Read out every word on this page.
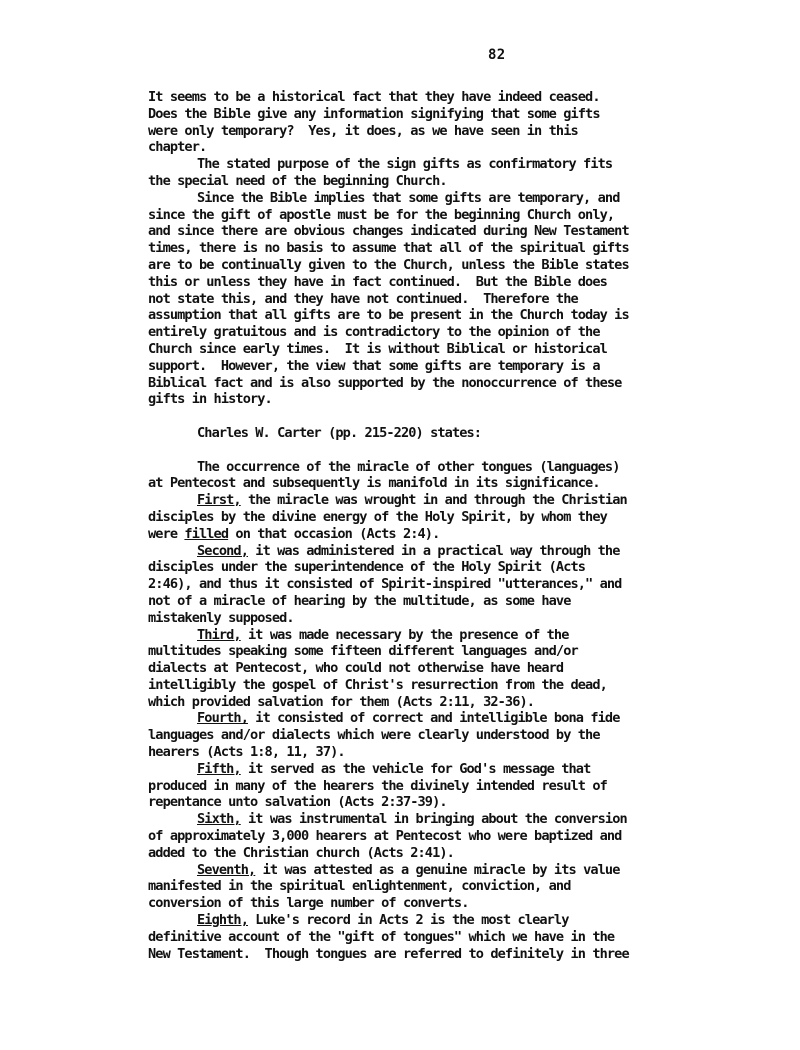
82
It seems to be a historical fact that they have indeed ceased.
Does the Bible give any information signifying that some gifts
were only temporary?  Yes, it does, as we have seen in this
chapter.
The stated purpose of the sign gifts as confirmatory fits
the special need of the beginning Church.
Since the Bible implies that some gifts are temporary, and
since the gift of apostle must be for the beginning Church only,
and since there are obvious changes indicated during New Testament
times, there is no basis to assume that all of the spiritual gifts
are to be continually given to the Church, unless the Bible states
this or unless they have in fact continued.  But the Bible does
not state this, and they have not continued.  Therefore the
assumption that all gifts are to be present in the Church today is
entirely gratuitous and is contradictory to the opinion of the
Church since early times.  It is without Biblical or historical
support.  However, the view that some gifts are temporary is a
Biblical fact and is also supported by the nonoccurrence of these
gifts in history.
Charles W. Carter (pp. 215-220) states:
The occurrence of the miracle of other tongues (languages)
at Pentecost and subsequently is manifold in its significance.
First, the miracle was wrought in and through the Christian
disciples by the divine energy of the Holy Spirit, by whom they
were filled on that occasion (Acts 2:4).
Second, it was administered in a practical way through the
disciples under the superintendence of the Holy Spirit (Acts
2:46), and thus it consisted of Spirit-inspired "utterances," and
not of a miracle of hearing by the multitude, as some have
mistakenly supposed.
Third, it was made necessary by the presence of the
multitudes speaking some fifteen different languages and/or
dialects at Pentecost, who could not otherwise have heard
intelligibly the gospel of Christ's resurrection from the dead,
which provided salvation for them (Acts 2:11, 32-36).
Fourth, it consisted of correct and intelligible bona fide
languages and/or dialects which were clearly understood by the
hearers (Acts 1:8, 11, 37).
Fifth, it served as the vehicle for God's message that
produced in many of the hearers the divinely intended result of
repentance unto salvation (Acts 2:37-39).
Sixth, it was instrumental in bringing about the conversion
of approximately 3,000 hearers at Pentecost who were baptized and
added to the Christian church (Acts 2:41).
Seventh, it was attested as a genuine miracle by its value
manifested in the spiritual enlightenment, conviction, and
conversion of this large number of converts.
Eighth, Luke's record in Acts 2 is the most clearly
definitive account of the "gift of tongues" which we have in the
New Testament.  Though tongues are referred to definitely in three
